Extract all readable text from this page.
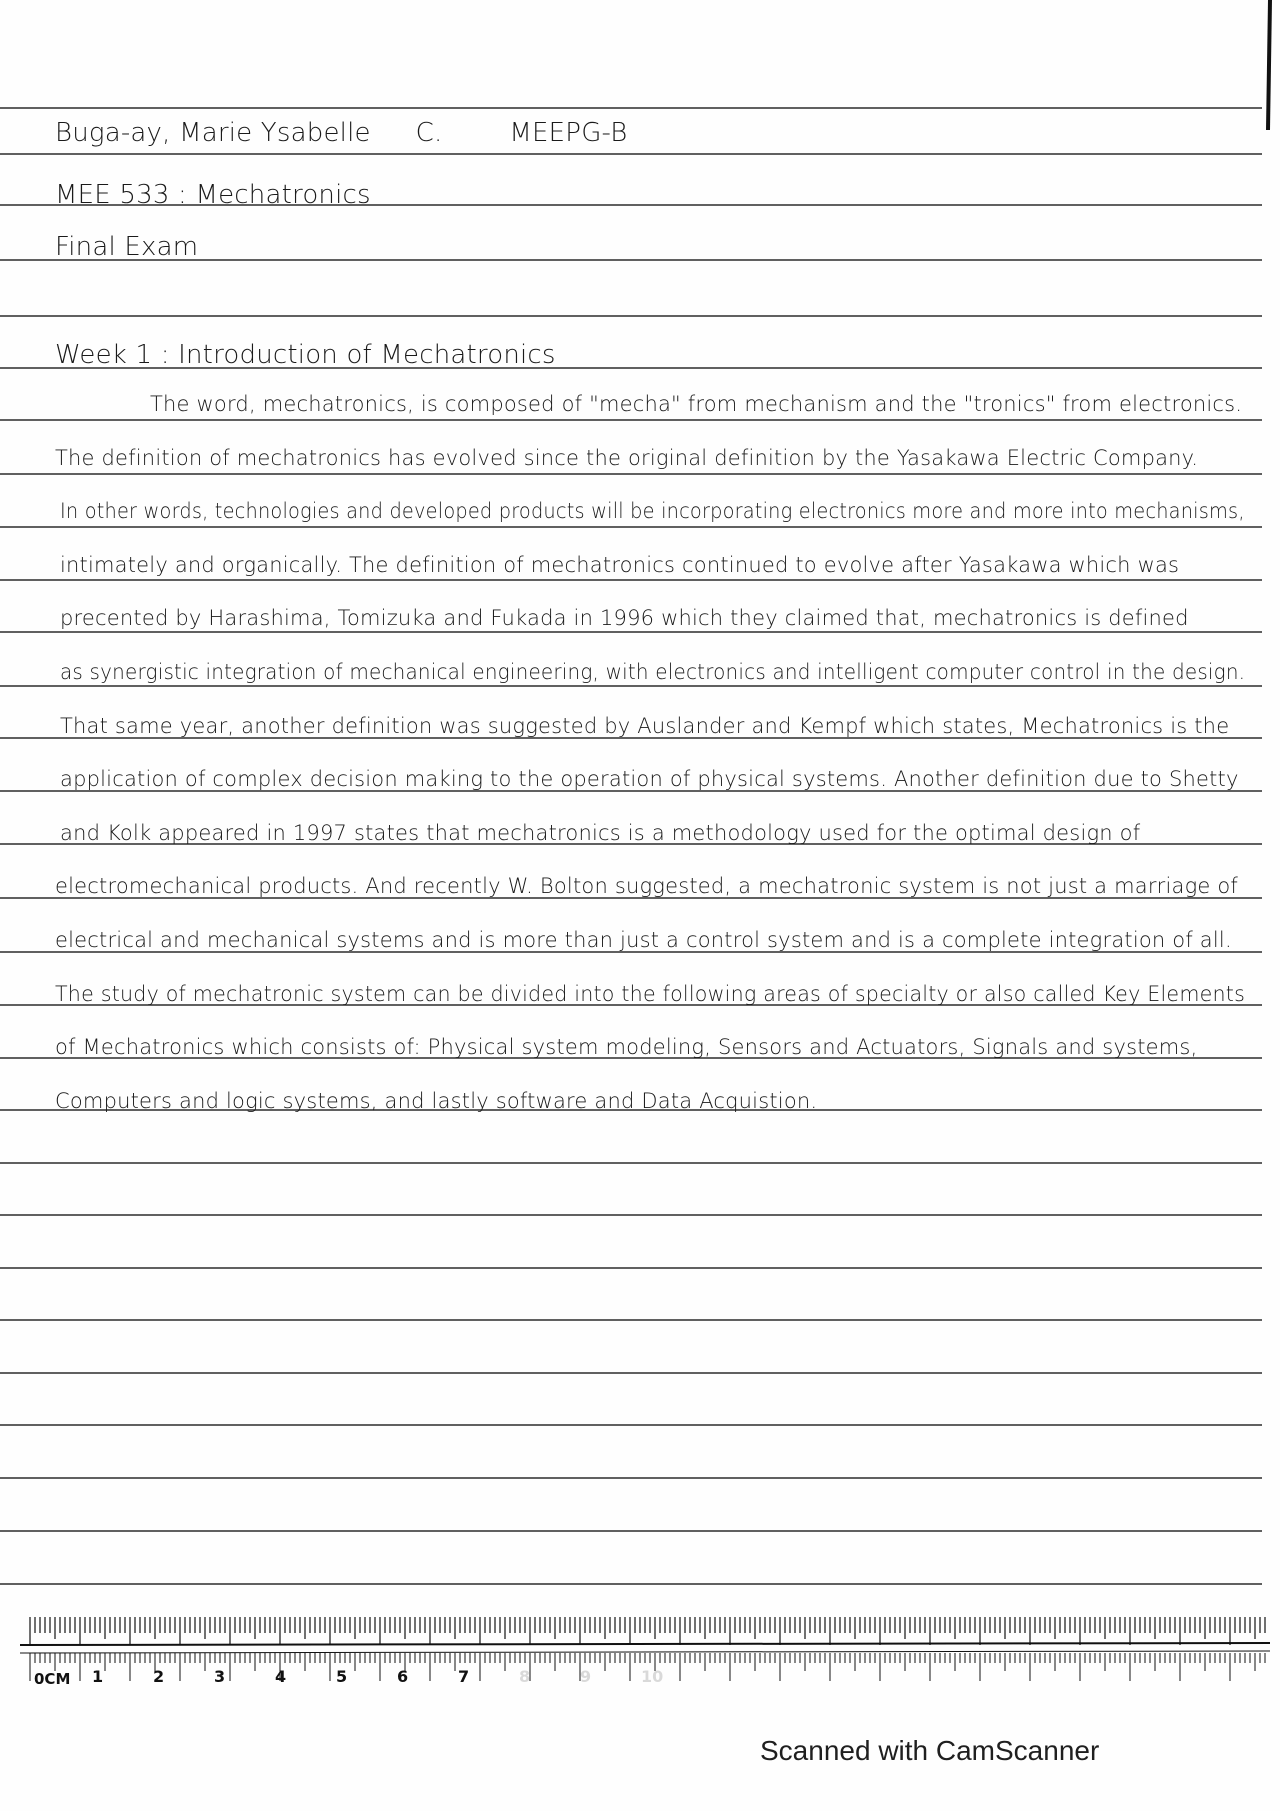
Buga-ay, Marie Ysabelle C.	MEEPG-B
MEE 533 : Mechatronics
Final Exam
Week 1 : Introduction of Mechatronics
The word, mechatronics, is composed of "mecha" from mechanism and the "tronics" from electronics.
The definition of mechatronics has evolved since the original definition by the Yasakawa Electric Company.
In other words, technologies and developed products will be incorporating electronics more and more into mechanisms,
intimately and organically. The definition of mechatronics continued to evolve after Yasakawa which was
precented by Harashima, Tomizuka and Fukada in 1996 which they claimed that, mechatronics is defined
as synergistic integration of mechanical engineering, with electronics and intelligent computer control in the design.
That same year, another definition was suggested by Auslander and Kempf which states, Mechatronics is the
application of complex decision making to the operation of physical systems. Another definition due to Shetty
and Kolk appeared in 1997 states that mechatronics is a methodology used for the optimal design of
electromechanical products. And recently W. Bolton suggested, a mechatronic system is not just a marriage of
electrical and mechanical systems and is more than just a control system and is a complete integration of all.
The study of mechatronic system can be divided into the following areas of specialty or also called Key Elements
of Mechatronics which consists of: Physical system modeling, Sensors and Actuators, Signals and systems,
Computers and logic systems, and lastly software and Data Acquistion.
0CM 1	2	3	4	5	6	7	8	9	10
Scanned with CamScanner
